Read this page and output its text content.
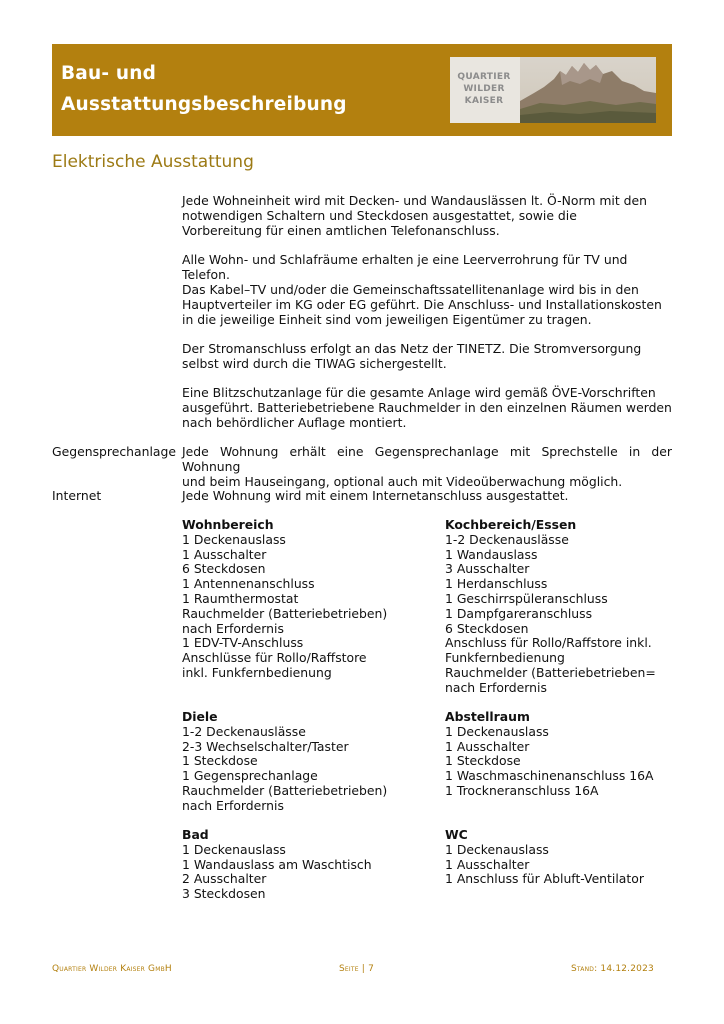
Bau- und
Ausstattungsbeschreibung
QUARTIER
WILDER
KAISER
Elektrische Ausstattung
Jede Wohneinheit wird mit Decken- und Wandauslässen lt. Ö-Norm mit den
notwendigen Schaltern und Steckdosen ausgestattet, sowie die
Vorbereitung für einen amtlichen Telefonanschluss.
Alle Wohn- und Schlafräume erhalten je eine Leerverrohrung für TV und
Telefon.
Das Kabel–TV und/oder die Gemeinschaftssatellitenanlage wird bis in den
Hauptverteiler im KG oder EG geführt. Die Anschluss- und Installationskosten
in die jeweilige Einheit sind vom jeweiligen Eigentümer zu tragen.
Der Stromanschluss erfolgt an das Netz der TINETZ. Die Stromversorgung
selbst wird durch die TIWAG sichergestellt.
Eine Blitzschutzanlage für die gesamte Anlage wird gemäß ÖVE-Vorschriften
ausgeführt. Batteriebetriebene Rauchmelder in den einzelnen Räumen werden
nach behördlicher Auflage montiert.
Gegensprechanlage Jede Wohnung erhält eine Gegensprechanlage mit Sprechstelle in der Wohnung
und beim Hauseingang, optional auch mit Videoüberwachung möglich.
Internet	Jede Wohnung wird mit einem Internetanschluss ausgestattet.
Wohnbereich
1 Deckenauslass
1 Ausschalter
6 Steckdosen
1 Antennenanschluss
1 Raumthermostat
Rauchmelder (Batteriebetrieben)
nach Erfordernis
1 EDV-TV-Anschluss
Anschlüsse für Rollo/Raffstore
inkl. Funkfernbedienung
Kochbereich/Essen
1-2 Deckenauslässe
1 Wandauslass
3 Ausschalter
1 Herdanschluss
1 Geschirrspüleranschluss
1 Dampfgareranschluss
6 Steckdosen
Anschluss für Rollo/Raffstore inkl.
Funkfernbedienung
Rauchmelder (Batteriebetrieben=
nach Erfordernis
Diele
1-2 Deckenauslässe
2-3 Wechselschalter/Taster
1 Steckdose
1 Gegensprechanlage
Rauchmelder (Batteriebetrieben)
nach Erfordernis
Abstellraum
1 Deckenauslass
1 Ausschalter
1 Steckdose
1 Waschmaschinenanschluss 16A
1 Trockneranschluss 16A
Bad
1 Deckenauslass
1 Wandauslass am Waschtisch
2 Ausschalter
3 Steckdosen
WC
1 Deckenauslass
1 Ausschalter
1 Anschluss für Abluft-Ventilator
Quartier Wilder Kaiser GmbH	Seite | 7	Stand: 14.12.2023
